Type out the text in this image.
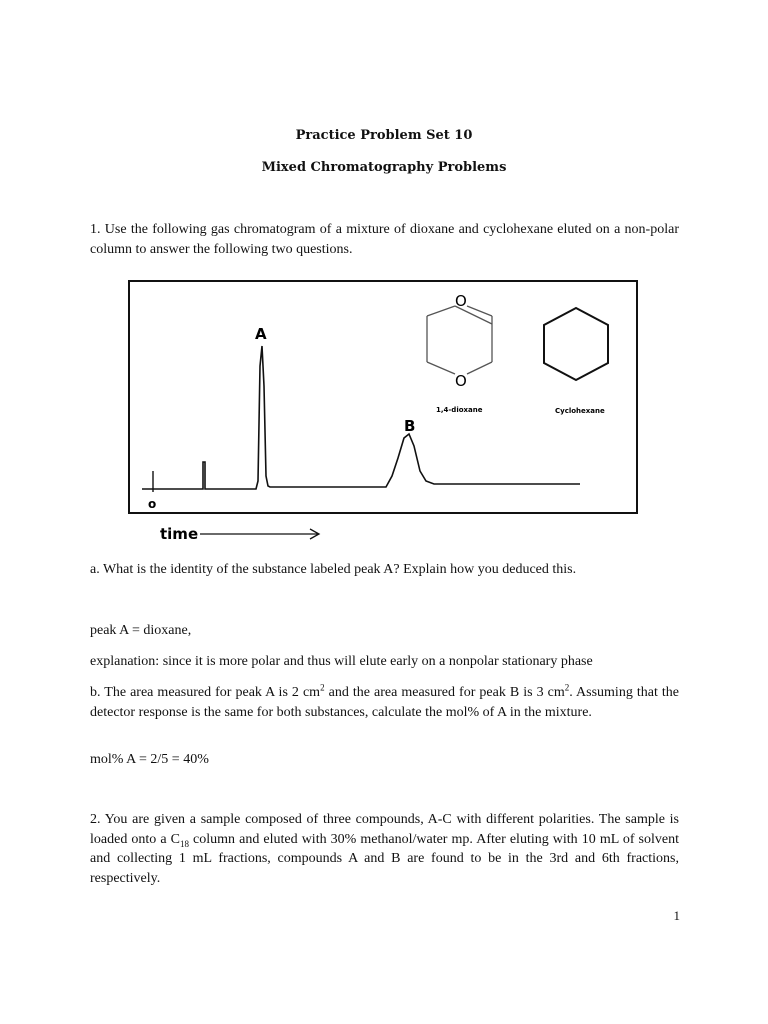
Practice Problem Set 10
Mixed Chromatography Problems
1. Use the following gas chromatogram of a mixture of dioxane and cyclohexane eluted on a non-polar column to answer the following two questions.
A
B
o
O
O
1,4-dioxane	Cyclohexane
time
a. What is the identity of the substance labeled peak A? Explain how you deduced this.
peak A = dioxane,
explanation: since it is more polar and thus will elute early on a nonpolar stationary phase
b. The area measured for peak A is 2 $cm^2$ and the area measured for peak B is 3 $cm^2$. Assuming that the detector response is the same for both substances, calculate the mol% of A in the mixture.
mol% A = 2/5 = 40%
2. You are given a sample composed of three compounds, A-C with different polarities. The sample is loaded onto a $C_{18}$ column and eluted with 30% methanol/water mp. After eluting with 10 mL of solvent and collecting 1 mL fractions, compounds A and B are found to be in the 3rd and 6th fractions, respectively.
1
